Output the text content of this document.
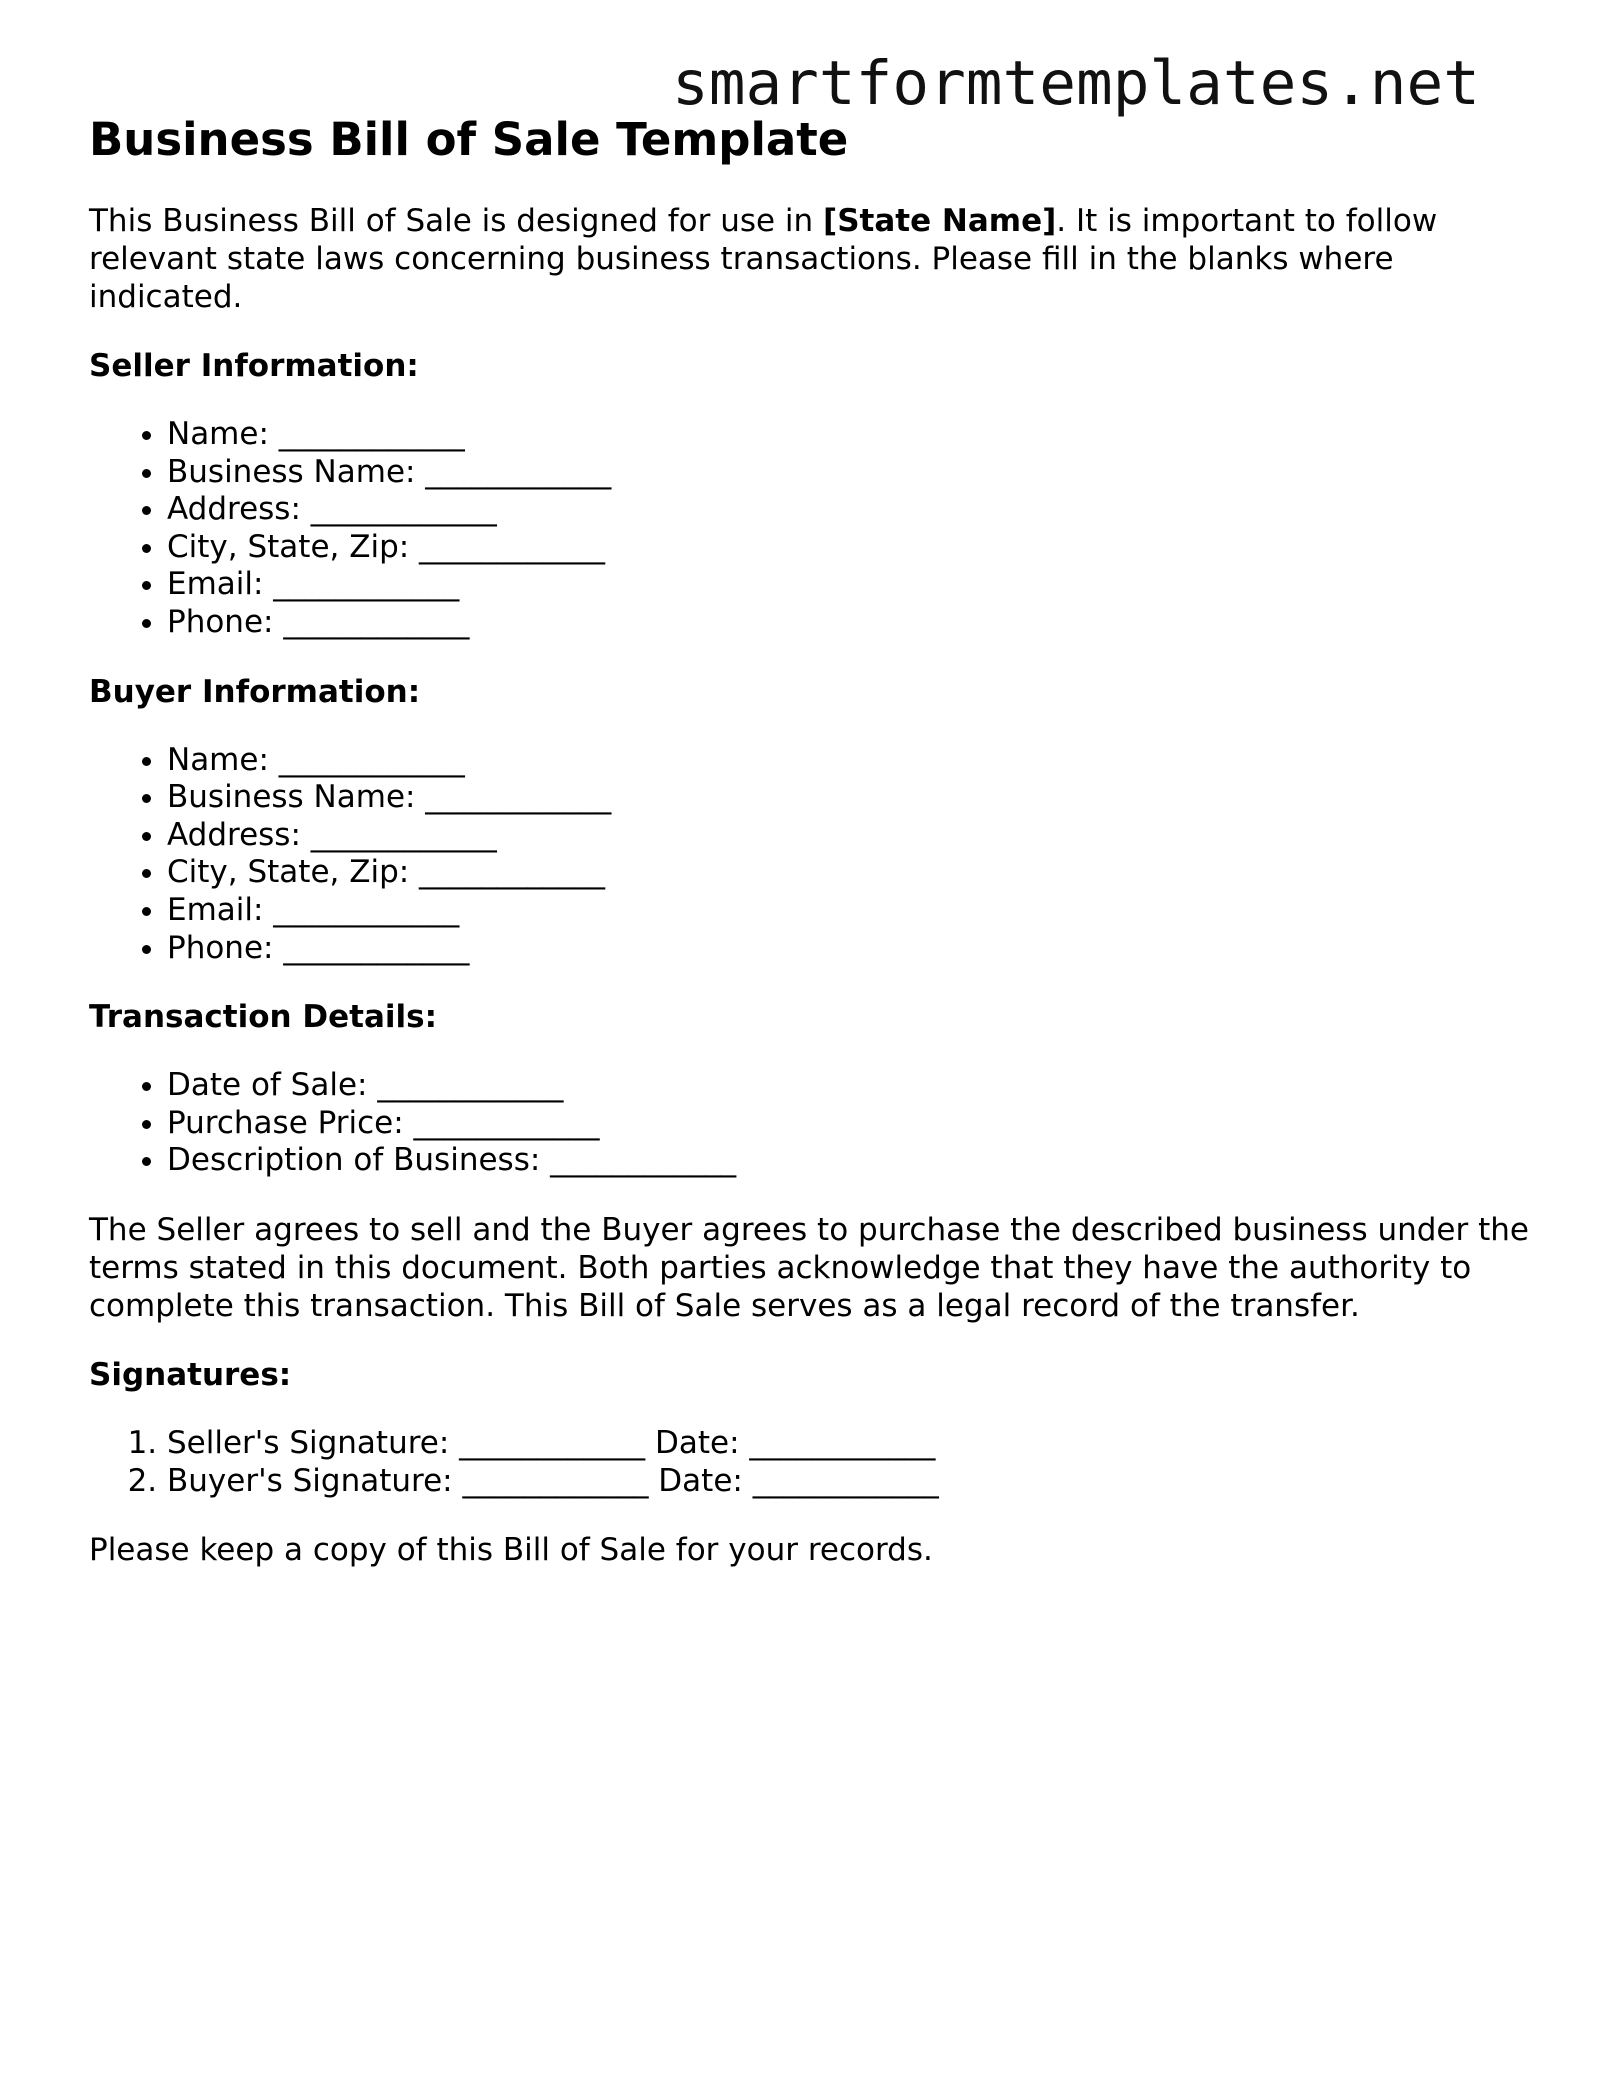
smartformtemplates.net
Business Bill of Sale Template

This Business Bill of Sale is designed for use in [State Name]. It is important to follow relevant state laws concerning business transactions. Please fill in the blanks where indicated.

Seller Information:
• Name: ____________
• Business Name: ____________
• Address: ____________
• City, State, Zip: ____________
• Email: ____________
• Phone: ____________
Buyer Information:
• Name: ____________
• Business Name: ____________
• Address: ____________
• City, State, Zip: ____________
• Email: ____________
• Phone: ____________
Transaction Details:
• Date of Sale: ____________
• Purchase Price: ____________
• Description of Business: ____________

The Seller agrees to sell and the Buyer agrees to purchase the described business under the terms stated in this document. Both parties acknowledge that they have the authority to complete this transaction. This Bill of Sale serves as a legal record of the transfer.

Signatures:
1. Seller's Signature: ____________ Date: ____________
2. Buyer's Signature: ____________ Date: ____________

Please keep a copy of this Bill of Sale for your records.
